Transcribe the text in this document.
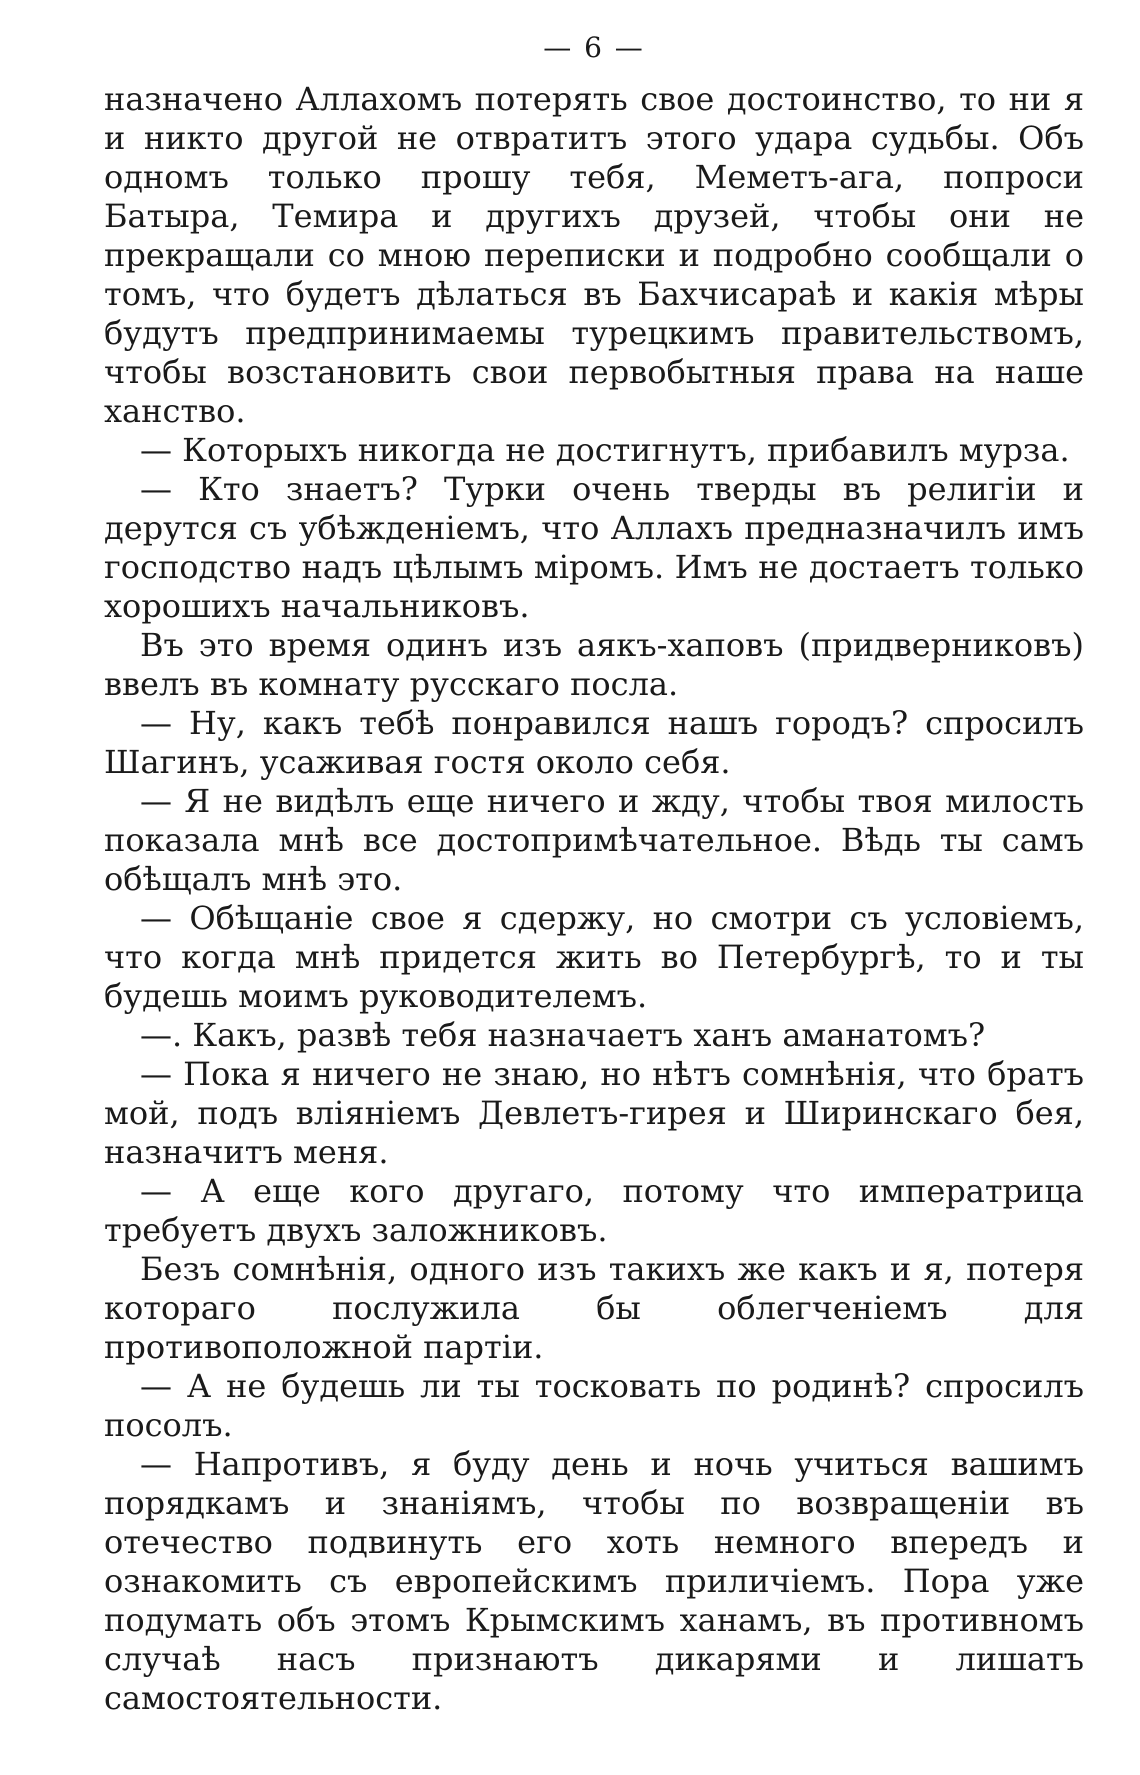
— 6 —

назначено Аллахомъ потерять свое достоинство, то ни я и никто другой не отвратитъ этого удара судьбы. Объ одномъ только прошу тебя, Меметъ-ага, попроси Батыра, Темира и другихъ друзей, чтобы они не прекращали со мною переписки и подробно сообщали о томъ, что будетъ дѣлаться въ Бахчисараѣ и какія мѣры будутъ предпринимаемы турецкимъ правительствомъ, чтобы возстановить свои первобытныя права на наше ханство.

— Которыхъ никогда не достигнутъ, прибавилъ мурза.

— Кто знаетъ? Турки очень тверды въ религіи и дерутся съ убѣжденіемъ, что Аллахъ предназначилъ имъ господство надъ цѣлымъ міромъ. Имъ не достаетъ только хорошихъ начальниковъ.

Въ это время одинъ изъ аякъ-хаповъ (придверниковъ) ввелъ въ комнату русскаго посла.

— Ну, какъ тебѣ понравился нашъ городъ? спросилъ Шагинъ, усаживая гостя около себя.

— Я не видѣлъ еще ничего и жду, чтобы твоя милость показала мнѣ все достопримѣчательное. Вѣдь ты самъ обѣщалъ мнѣ это.

— Обѣщаніе свое я сдержу, но смотри съ условіемъ, что когда мнѣ придется жить во Петербургѣ, то и ты будешь моимъ руководителемъ.

—. Какъ, развѣ тебя назначаетъ ханъ аманатомъ?

— Пока я ничего не знаю, но нѣтъ сомнѣнія, что братъ мой, подъ вліяніемъ Девлетъ-гирея и Ширинскаго бея, назначитъ меня.

— А еще кого другаго, потому что императрица требуетъ двухъ заложниковъ.

Безъ сомнѣнія, одного изъ такихъ же какъ и я, потеря котораго послужила бы облегченіемъ для противоположной партіи.

— А не будешь ли ты тосковать по родинѣ? спросилъ посолъ.

— Напротивъ, я буду день и ночь учиться вашимъ порядкамъ и знаніямъ, чтобы по возвращеніи въ отечество подвинуть его хоть немного впередъ и ознакомить съ европейскимъ приличіемъ. Пора уже подумать объ этомъ Крымскимъ ханамъ, въ противномъ случаѣ насъ признаютъ дикарями и лишатъ самостоятельности.
